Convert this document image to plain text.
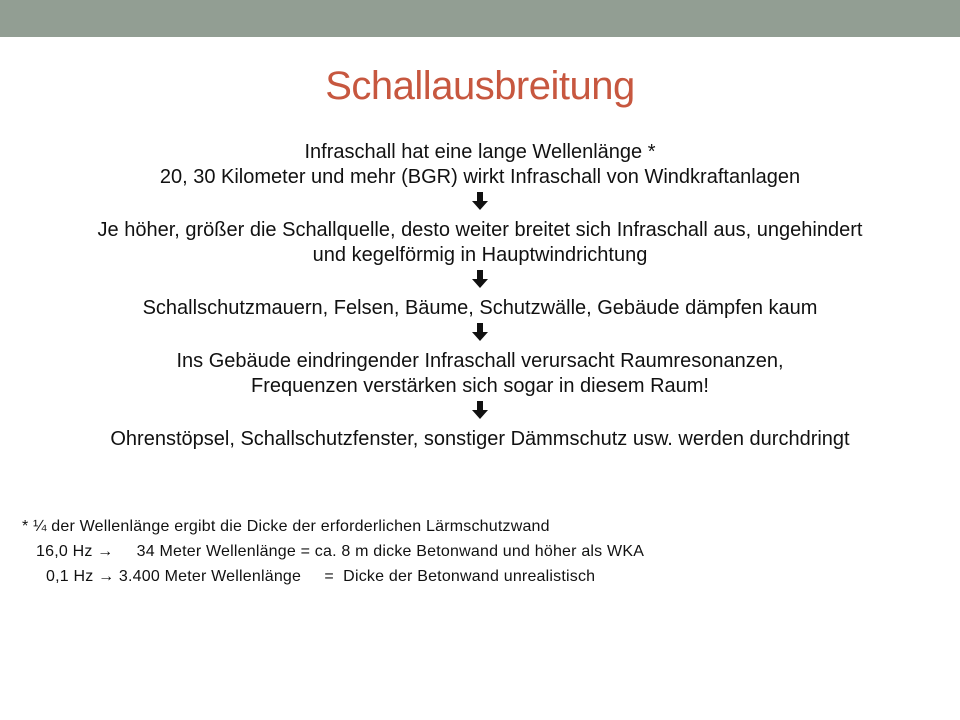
Schallausbreitung
Infraschall hat eine lange Wellenlänge *
20, 30 Kilometer und mehr (BGR) wirkt Infraschall von Windkraftanlagen
Je höher, größer die Schallquelle, desto weiter breitet sich Infraschall aus, ungehindert
und kegelförmig in Hauptwindrichtung
Schallschutzmauern, Felsen, Bäume, Schutzwälle, Gebäude dämpfen kaum
Ins Gebäude eindringender Infraschall verursacht Raumresonanzen,
Frequenzen verstärken sich sogar in diesem Raum!
Ohrenstöpsel, Schallschutzfenster, sonstiger Dämmschutz usw. werden durchdringt
* ¼ der Wellenlänge ergibt die Dicke der erforderlichen Lärmschutzwand
16,0 Hz →     34 Meter Wellenlänge = ca. 8 m dicke Betonwand und höher als WKA
0,1 Hz → 3.400 Meter Wellenlänge     =  Dicke der Betonwand unrealistisch
